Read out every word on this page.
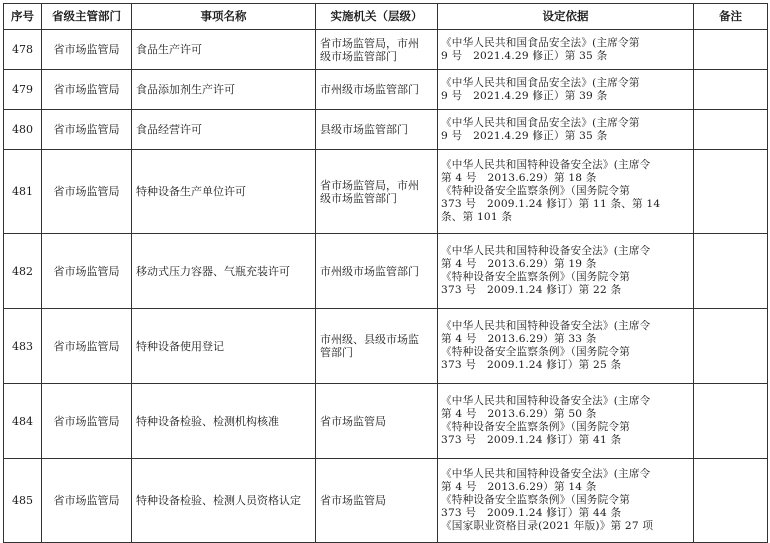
序号	省级主管部门	事项名称	实施机关（层级）	设定依据	备注
478	省市场监管局	食品生产许可	省市场监管局，市州
级市场监管部门	《中华人民共和国食品安全法》(主席令第
9 号　2021.4.29 修正）第 35 条	

479	省市场监管局	食品添加剂生产许可	市州级市场监管部门	《中华人民共和国食品安全法》(主席令第
9 号　2021.4.29 修正）第 39 条	

480	省市场监管局	食品经营许可	县级市场监管部门	《中华人民共和国食品安全法》(主席令第
9 号　2021.4.29 修正）第 35 条	

481	省市场监管局	特种设备生产单位许可	省市场监管局，市州
级市场监管部门	《中华人民共和国特种设备安全法》(主席令
第 4 号　2013.6.29）第 18 条
《特种设备安全监察条例》（国务院令第
373 号　2009.1.24 修订）第 11 条、第 14
条、第 101 条	

482	省市场监管局	移动式压力容器、气瓶充装许可	市州级市场监管部门	《中华人民共和国特种设备安全法》(主席令
第 4 号　2013.6.29）第 19 条
《特种设备安全监察条例》（国务院令第
373 号　2009.1.24 修订）第 22 条	

483	省市场监管局	特种设备使用登记	市州级、县级市场监
管部门	《中华人民共和国特种设备安全法》(主席令
第 4 号　2013.6.29）第 33 条
《特种设备安全监察条例》（国务院令第
373 号　2009.1.24 修订）第 25 条	

484	省市场监管局	特种设备检验、检测机构核准	省市场监管局	《中华人民共和国特种设备安全法》(主席令
第 4 号　2013.6.29）第 50 条
《特种设备安全监察条例》（国务院令第
373 号　2009.1.24 修订）第 41 条	

485	省市场监管局	特种设备检验、检测人员资格认定	省市场监管局	《中华人民共和国特种设备安全法》(主席令
第 4 号　2013.6.29）第 14 条
《特种设备安全监察条例》（国务院令第
373 号　2009.1.24 修订）第 44 条
《国家职业资格目录(2021 年版)》第 27 项	
